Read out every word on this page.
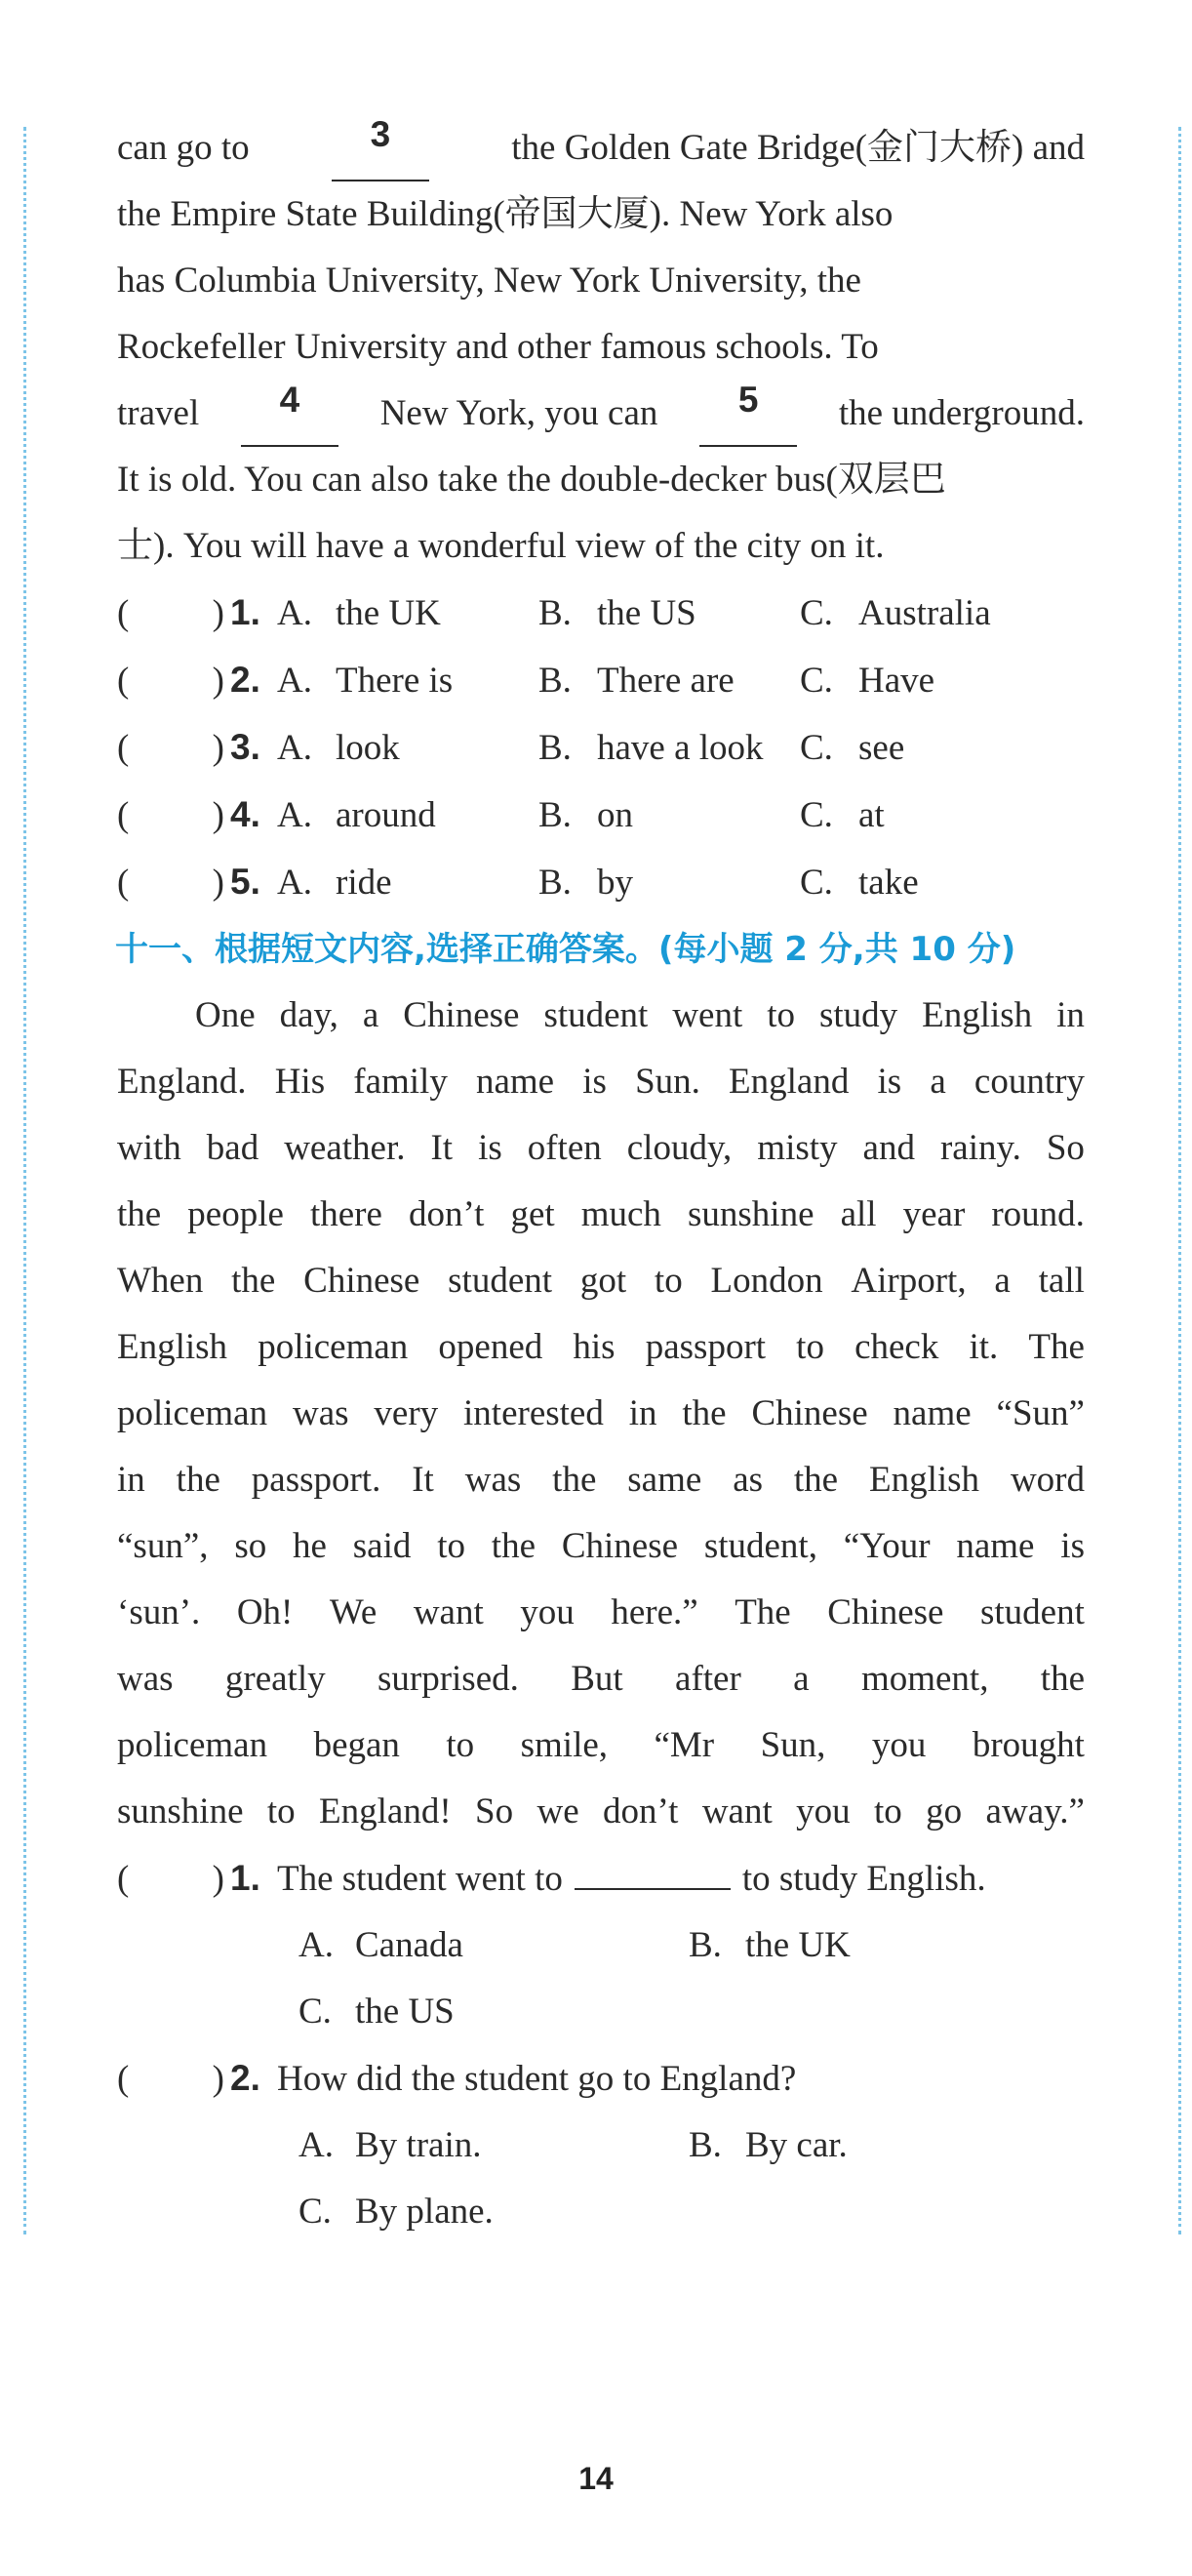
can go to	3	the Golden Gate Bridge(金门大桥) and
the Empire State Building(帝国大厦). New York also
has Columbia University, New York University, the
Rockefeller University and other famous schools. To
travel	4	New York, you can	5	the underground.
It is old. You can also take the double-decker bus(双层巴
士). You will have a wonderful view of the city on it.
( ) 1. A. the UK	B. the US	C. Australia
( ) 2. A. There is B. There are C. Have
( ) 3. A. look	B. have a look C. see
( ) 4. A. around	B. on	C. at
( ) 5. A. ride	B. by	C. take
十一、根据短文内容,选择正确答案。(每小题 2 分,共 10 分)
One day, a Chinese student went to study English in
England. His family name is Sun. England is a country
with bad weather. It is often cloudy, misty and rainy. So
the people there don’t get much sunshine all year round.
When the Chinese student got to London Airport, a tall
English policeman opened his passport to check it. The
policeman was very interested in the Chinese name “Sun”
in the passport. It was the same as the English word
“sun”, so he said to the Chinese student, “Your name is
‘sun’. Oh! We want you here.” The Chinese student
was greatly surprised. But after a moment, the
policeman began to smile, “Mr Sun, you brought
sunshine to England! So we don’t want you to go away.”
( ) 1. The student went to	to study English.
A. Canada	B. the UK
C. the US
( ) 2. How did the student go to England?
A. By train.	B. By car.
C. By plane.
14
